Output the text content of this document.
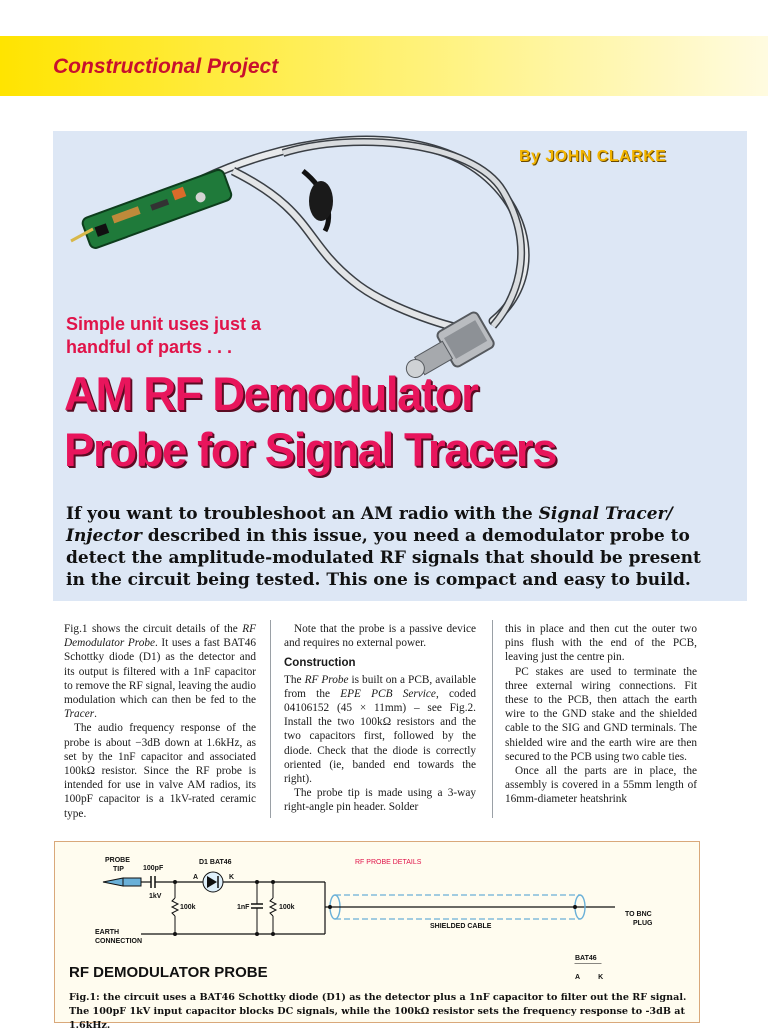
Constructional Project
By JOHN CLARKE
Simple unit uses just a
handful of parts . . .
AM RF Demodulator
Probe for Signal Tracers
If you want to troubleshoot an AM radio with the Signal Tracer/ Injector described in this issue, you need a demodulator probe to detect the amplitude-modulated RF signals that should be present in the circuit being tested. This one is compact and easy to build.

Fig.1 shows the circuit details of the RF Demodulator Probe. It uses a fast BAT46 Schottky diode (D1) as the detector and its output is filtered with a 1nF capacitor to remove the RF signal, leaving the audio modulation which can then be fed to the Tracer.

The audio frequency response of the probe is about −3dB down at 1.6kHz, as set by the 1nF capacitor and associated 100kΩ resistor. Since the RF probe is intended for use in valve AM radios, its 100pF capacitor is a 1kV-rated ceramic type.

Note that the probe is a passive device and requires no external power.

Construction

The RF Probe is built on a PCB, available from the EPE PCB Service, coded 04106152 (45 × 11mm) – see Fig.2. Install the two 100kΩ resistors and the two capacitors first, followed by the diode. Check that the diode is correctly oriented (ie, banded end towards the right).

The probe tip is made using a 3-way right-angle pin header. Solder

this in place and then cut the outer two pins flush with the end of the PCB, leaving just the centre pin.

PC stakes are used to terminate the three external wiring connections. Fit these to the PCB, then attach the earth wire to the GND stake and the shielded cable to the SIG and GND terminals. The shielded wire and the earth wire are then secured to the PCB using two cable ties.

Once all the parts are in place, the assembly is covered in a 55mm length of 16mm-diameter heatshrink

RF PROBE DETAILS
PROBE
TIP	100pF
1kV
D1 BAT46
A	K
100k	1nF	100k
EARTH
CONNECTION
SHIELDED CABLE
TO BNC
PLUG
BAT46
RF DEMODULATOR PROBE	A	K
Fig.1: the circuit uses a BAT46 Schottky diode (D1) as the detector plus a 1nF capacitor to filter out the RF signal. The 100pF 1kV input capacitor blocks DC signals, while the 100kΩ resistor sets the frequency response to -3dB at 1.6kHz.
